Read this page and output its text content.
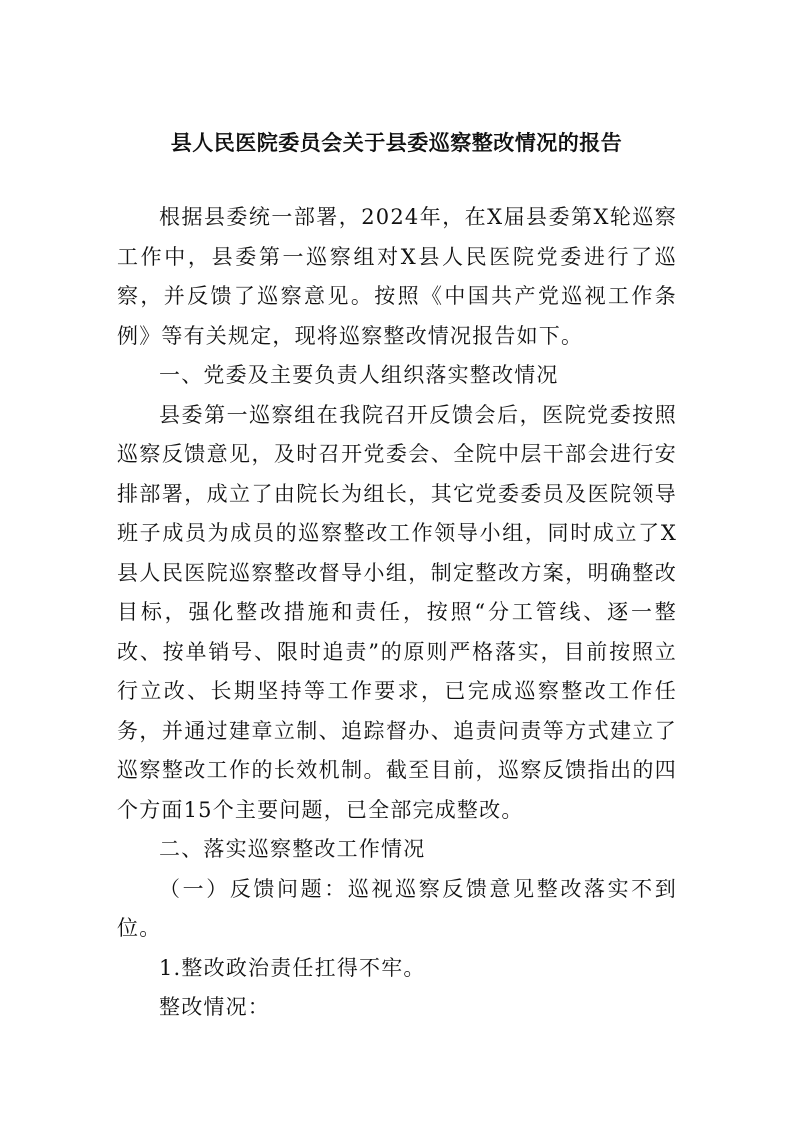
县人民医院委员会关于县委巡察整改情况的报告

根据县委统一部署，2024年，在X届县委第X轮巡察工作中，县委第一巡察组对X县人民医院党委进行了巡察，并反馈了巡察意见。按照《中国共产党巡视工作条例》等有关规定，现将巡察整改情况报告如下。

一、党委及主要负责人组织落实整改情况

县委第一巡察组在我院召开反馈会后，医院党委按照巡察反馈意见，及时召开党委会、全院中层干部会进行安排部署，成立了由院长为组长，其它党委委员及医院领导班子成员为成员的巡察整改工作领导小组，同时成立了X县人民医院巡察整改督导小组，制定整改方案，明确整改目标，强化整改措施和责任，按照“分工管线、逐一整改、按单销号、限时追责”的原则严格落实，目前按照立行立改、长期坚持等工作要求，已完成巡察整改工作任务，并通过建章立制、追踪督办、追责问责等方式建立了巡察整改工作的长效机制。截至目前，巡察反馈指出的四个方面15个主要问题，已全部完成整改。

二、落实巡察整改工作情况

（一）反馈问题：巡视巡察反馈意见整改落实不到位。

1.整改政治责任扛得不牢。

整改情况：
